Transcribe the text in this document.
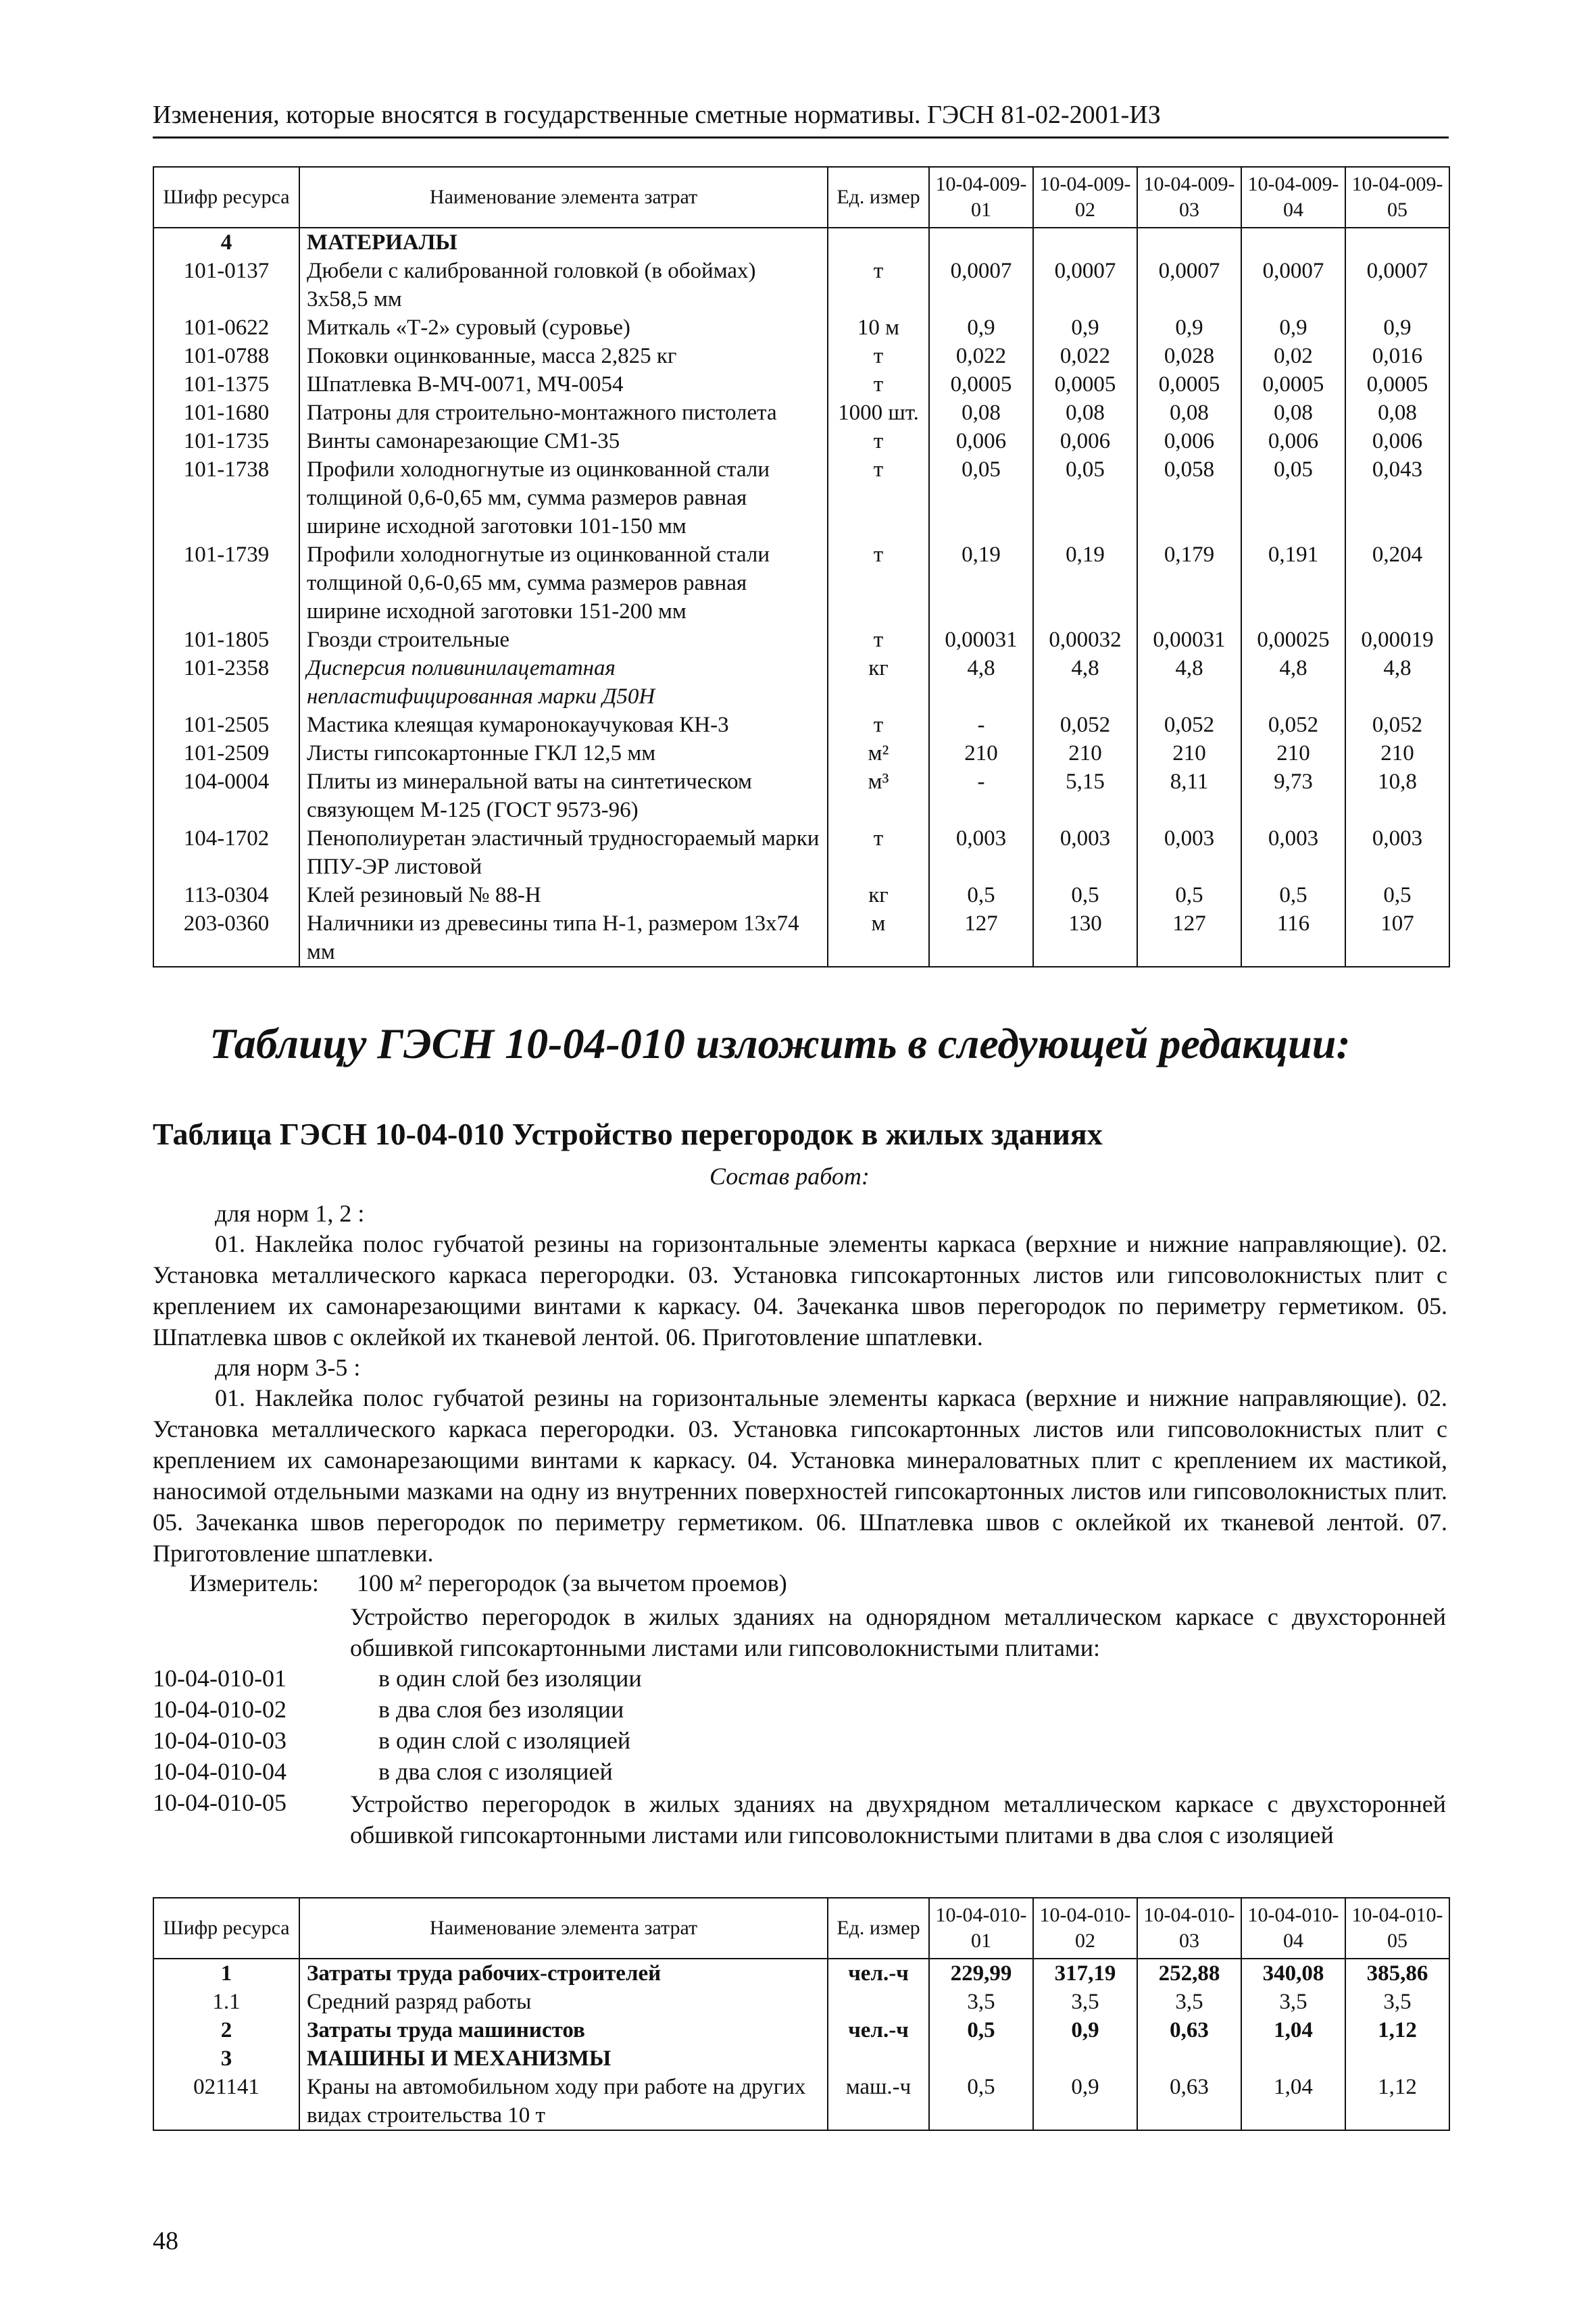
Изменения, которые вносятся в государственные сметные нормативы. ГЭСН 81-02-2001-ИЗ
Шифр ресурса	Наименование элемента затрат	Ед. измер	10-04-009-01	10-04-009-02	10-04-009-03	10-04-009-04	10-04-009-05
4	МАТЕРИАЛЫ						
101-0137	Дюбели с калиброванной головкой (в обоймах) 3х58,5 мм	т	0,0007	0,0007	0,0007	0,0007	0,0007
101-0622	Миткаль «Т-2» суровый (суровье)	10 м	0,9	0,9	0,9	0,9	0,9
101-0788	Поковки оцинкованные, масса 2,825 кг	т	0,022	0,022	0,028	0,02	0,016
101-1375	Шпатлевка В-МЧ-0071, МЧ-0054	т	0,0005	0,0005	0,0005	0,0005	0,0005
101-1680	Патроны для строительно-монтажного пистолета	1000 шт.	0,08	0,08	0,08	0,08	0,08
101-1735	Винты самонарезающие СМ1-35	т	0,006	0,006	0,006	0,006	0,006
101-1738	Профили холодногнутые из оцинкованной стали толщиной 0,6-0,65 мм, сумма размеров равная ширине исходной заготовки 101-150 мм	т	0,05	0,05	0,058	0,05	0,043
101-1739	Профили холодногнутые из оцинкованной стали толщиной 0,6-0,65 мм, сумма размеров равная ширине исходной заготовки 151-200 мм	т	0,19	0,19	0,179	0,191	0,204
101-1805	Гвозди строительные	т	0,00031	0,00032	0,00031	0,00025	0,00019
101-2358	Дисперсия поливинилацетатная непластифицированная марки Д50Н	кг	4,8	4,8	4,8	4,8	4,8
101-2505	Мастика клеящая кумаронокаучуковая КН-3	т	-	0,052	0,052	0,052	0,052
101-2509	Листы гипсокартонные ГКЛ 12,5 мм	м²	210	210	210	210	210
104-0004	Плиты из минеральной ваты на синтетическом связующем М-125 (ГОСТ 9573-96)	м³	-	5,15	8,11	9,73	10,8
104-1702	Пенополиуретан эластичный трудносгораемый марки ППУ-ЭР листовой	т	0,003	0,003	0,003	0,003	0,003
113-0304	Клей резиновый № 88-Н	кг	0,5	0,5	0,5	0,5	0,5
203-0360	Наличники из древесины типа Н-1, размером 13х74 мм	м	127	130	127	116	107
Таблицу ГЭСН 10-04-010 изложить в следующей редакции:
Таблица ГЭСН 10-04-010 Устройство перегородок в жилых зданиях
Состав работ:
для норм 1, 2 :
01. Наклейка полос губчатой резины на горизонтальные элементы каркаса (верхние и нижние направляющие). 02. Установка металлического каркаса перегородки. 03. Установка гипсокартонных листов или гипсоволокнистых плит с креплением их самонарезающими винтами к каркасу. 04. Зачеканка швов перегородок по периметру герметиком. 05. Шпатлевка швов с оклейкой их тканевой лентой. 06. Приготовление шпатлевки.
для норм 3-5 :
01. Наклейка полос губчатой резины на горизонтальные элементы каркаса (верхние и нижние направляющие). 02. Установка металлического каркаса перегородки. 03. Установка гипсокартонных листов или гипсоволокнистых плит с креплением их самонарезающими винтами к каркасу. 04. Установка минераловатных плит с креплением их мастикой, наносимой отдельными мазками на одну из внутренних поверхностей гипсокартонных листов или гипсоволокнистых плит. 05. Зачеканка швов перегородок по периметру герметиком. 06. Шпатлевка швов с оклейкой их тканевой лентой. 07. Приготовление шпатлевки.
Измеритель: 100 м² перегородок (за вычетом проемов)
Устройство перегородок в жилых зданиях на однорядном металлическом каркасе с двухсторонней обшивкой гипсокартонными листами или гипсоволокнистыми плитами:
10-04-010-01	в один слой без изоляции
10-04-010-02	в два слоя без изоляции
10-04-010-03	в один слой с изоляцией
10-04-010-04	в два слоя с изоляцией
10-04-010-05	Устройство перегородок в жилых зданиях на двухрядном металлическом каркасе с двухсторонней обшивкой гипсокартонными листами или гипсоволокнистыми плитами в два слоя с изоляцией
Шифр ресурса	Наименование элемента затрат	Ед. измер	10-04-010-01	10-04-010-02	10-04-010-03	10-04-010-04	10-04-010-05
1	Затраты труда рабочих-строителей	чел.-ч	229,99	317,19	252,88	340,08	385,86
1.1	Средний разряд работы		3,5	3,5	3,5	3,5	3,5
2	Затраты труда машинистов	чел.-ч	0,5	0,9	0,63	1,04	1,12
3	МАШИНЫ И МЕХАНИЗМЫ						
021141	Краны на автомобильном ходу при работе на других видах строительства 10 т	маш.-ч	0,5	0,9	0,63	1,04	1,12
48
